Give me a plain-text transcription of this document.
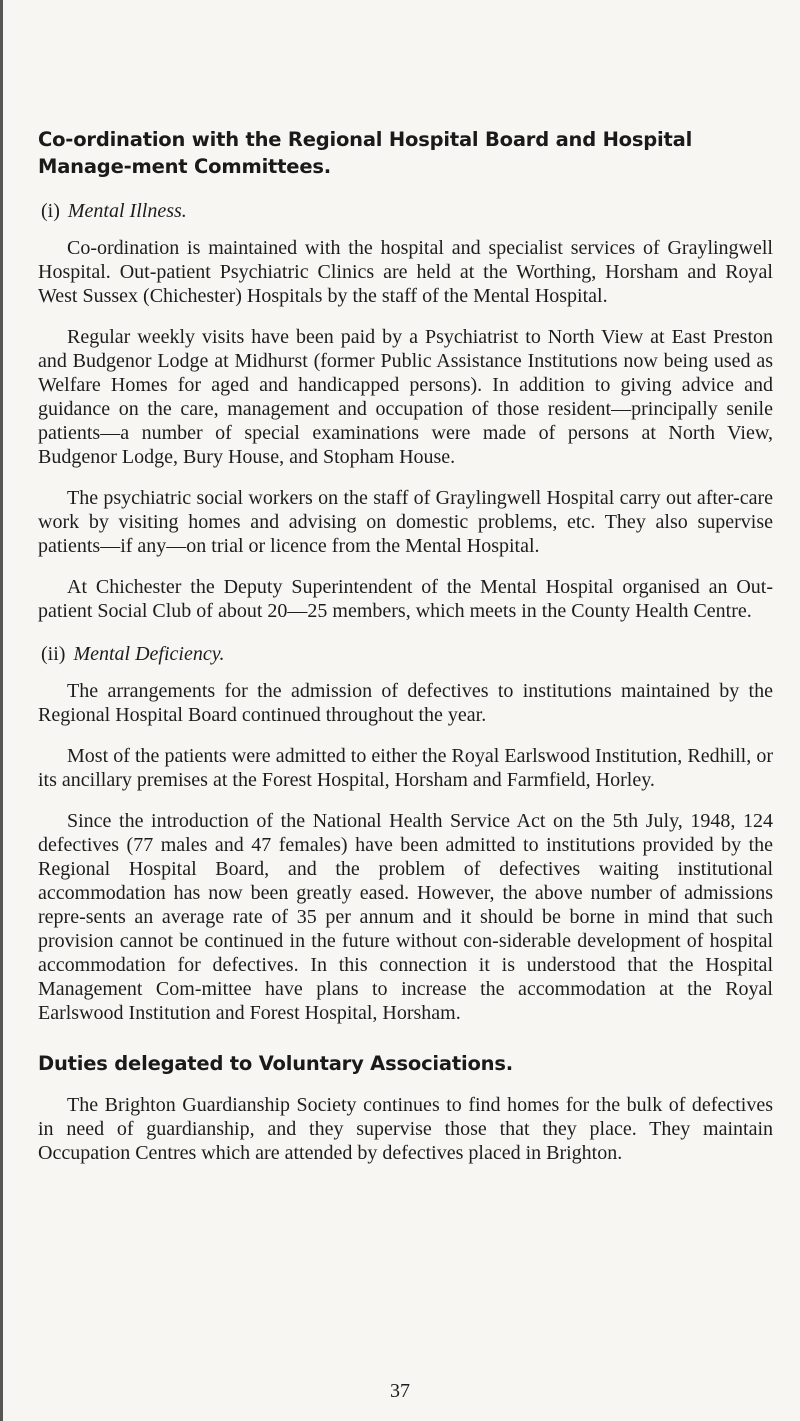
Co-ordination with the Regional Hospital Board and Hospital Manage-ment Committees.
(i) Mental Illness.

Co-ordination is maintained with the hospital and specialist services of Graylingwell Hospital. Out-patient Psychiatric Clinics are held at the Worthing, Horsham and Royal West Sussex (Chichester) Hospitals by the staff of the Mental Hospital.

Regular weekly visits have been paid by a Psychiatrist to North View at East Preston and Budgenor Lodge at Midhurst (former Public Assistance Institutions now being used as Welfare Homes for aged and handicapped persons). In addition to giving advice and guidance on the care, management and occupation of those resident—principally senile patients—a number of special examinations were made of persons at North View, Budgenor Lodge, Bury House, and Stopham House.

The psychiatric social workers on the staff of Graylingwell Hospital carry out after-care work by visiting homes and advising on domestic problems, etc. They also supervise patients—if any—on trial or licence from the Mental Hospital.

At Chichester the Deputy Superintendent of the Mental Hospital organised an Out-patient Social Club of about 20—25 members, which meets in the County Health Centre.

(ii) Mental Deficiency.

The arrangements for the admission of defectives to institutions maintained by the Regional Hospital Board continued throughout the year.

Most of the patients were admitted to either the Royal Earlswood Institution, Redhill, or its ancillary premises at the Forest Hospital, Horsham and Farmfield, Horley.

Since the introduction of the National Health Service Act on the 5th July, 1948, 124 defectives (77 males and 47 females) have been admitted to institutions provided by the Regional Hospital Board, and the problem of defectives waiting institutional accommodation has now been greatly eased. However, the above number of admissions repre-sents an average rate of 35 per annum and it should be borne in mind that such provision cannot be continued in the future without con-siderable development of hospital accommodation for defectives. In this connection it is understood that the Hospital Management Com-mittee have plans to increase the accommodation at the Royal Earlswood Institution and Forest Hospital, Horsham.

Duties delegated to Voluntary Associations.

The Brighton Guardianship Society continues to find homes for the bulk of defectives in need of guardianship, and they supervise those that they place. They maintain Occupation Centres which are attended by defectives placed in Brighton.

37
